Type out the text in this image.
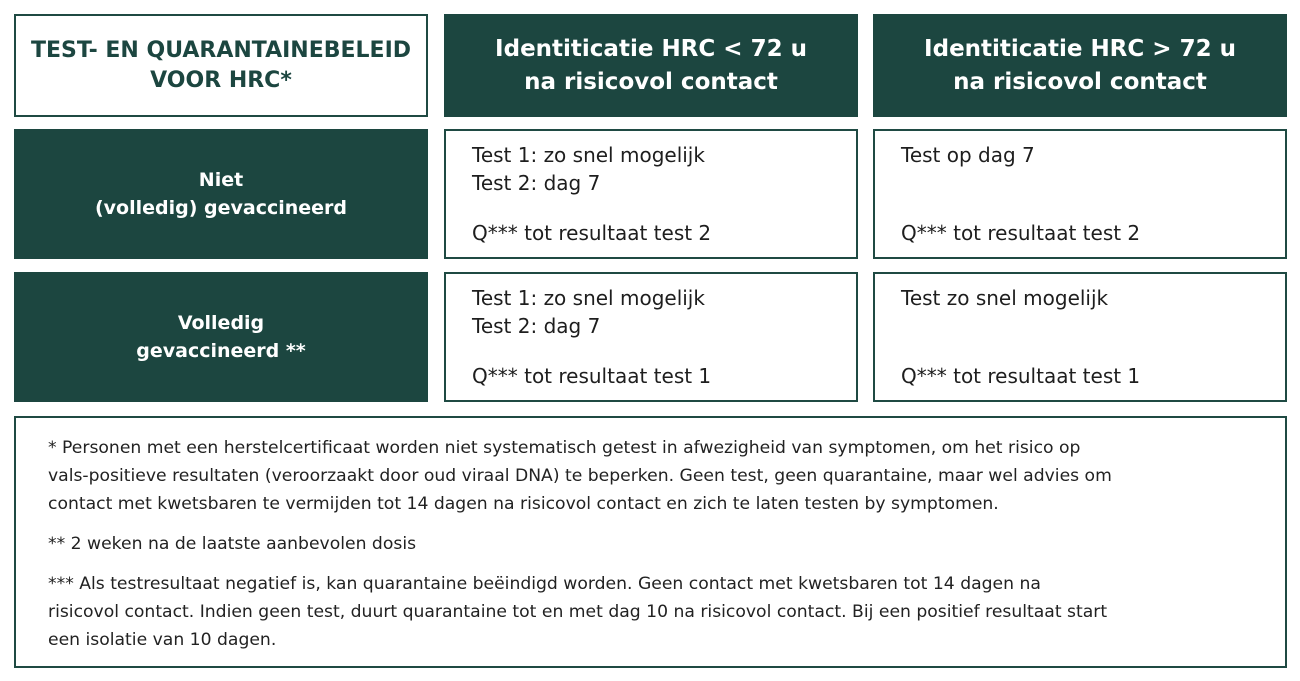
TEST- EN QUARANTAINEBELEID
VOOR HRC*
Identiticatie HRC < 72 u
na risicovol contact
Identiticatie HRC > 72 u
na risicovol contact
Niet
(volledig) gevaccineerd
Test 1: zo snel mogelijk
Test 2: dag 7
Q*** tot resultaat test 2
Test op dag 7
Q*** tot resultaat test 2
Volledig
gevaccineerd **
Test 1: zo snel mogelijk
Test 2: dag 7
Q*** tot resultaat test 1
Test zo snel mogelijk
Q*** tot resultaat test 1

* Personen met een herstelcertificaat worden niet systematisch getest in afwezigheid van symptomen, om het risico op
vals-positieve resultaten (veroorzaakt door oud viraal DNA) te beperken. Geen test, geen quarantaine, maar wel advies om
contact met kwetsbaren te vermijden tot 14 dagen na risicovol contact en zich te laten testen by symptomen.

** 2 weken na de laatste aanbevolen dosis

*** Als testresultaat negatief is, kan quarantaine beëindigd worden. Geen contact met kwetsbaren tot 14 dagen na
risicovol contact. Indien geen test, duurt quarantaine tot en met dag 10 na risicovol contact. Bij een positief resultaat start
een isolatie van 10 dagen.
